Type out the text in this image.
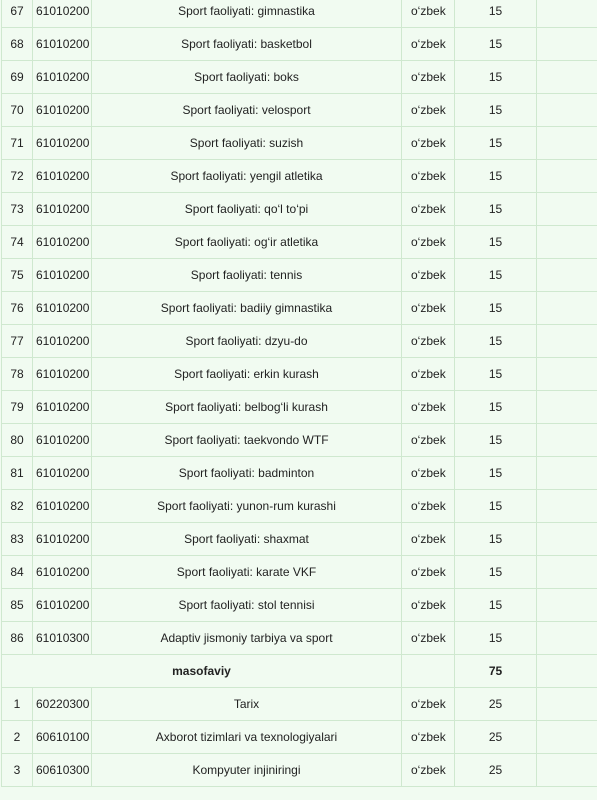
67	61010200	Sport faoliyati: gimnastika	o‘zbek	15	
68	61010200	Sport faoliyati: basketbol	o‘zbek	15	
69	61010200	Sport faoliyati: boks	o‘zbek	15	
70	61010200	Sport faoliyati: velosport	o‘zbek	15	
71	61010200	Sport faoliyati: suzish	o‘zbek	15	
72	61010200	Sport faoliyati: yengil atletika	o‘zbek	15	
73	61010200	Sport faoliyati: qo‘l to‘pi	o‘zbek	15	
74	61010200	Sport faoliyati: og‘ir atletika	o‘zbek	15	
75	61010200	Sport faoliyati: tennis	o‘zbek	15	
76	61010200	Sport faoliyati: badiiy gimnastika	o‘zbek	15	
77	61010200	Sport faoliyati: dzyu-do	o‘zbek	15	
78	61010200	Sport faoliyati: erkin kurash	o‘zbek	15	
79	61010200	Sport faoliyati: belbog‘li kurash	o‘zbek	15	
80	61010200	Sport faoliyati: taekvondo WTF	o‘zbek	15	
81	61010200	Sport faoliyati: badminton	o‘zbek	15	
82	61010200	Sport faoliyati: yunon-rum kurashi	o‘zbek	15	
83	61010200	Sport faoliyati: shaxmat	o‘zbek	15	
84	61010200	Sport faoliyati: karate VKF	o‘zbek	15	
85	61010200	Sport faoliyati: stol tennisi	o‘zbek	15	
86	61010300	Adaptiv jismoniy tarbiya va sport	o‘zbek	15	
masofaviy				75	
1	60220300	Tarix	o‘zbek	25	
2	60610100	Axborot tizimlari va texnologiyalari	o‘zbek	25	
3	60610300	Kompyuter injiniringi	o‘zbek	25	
